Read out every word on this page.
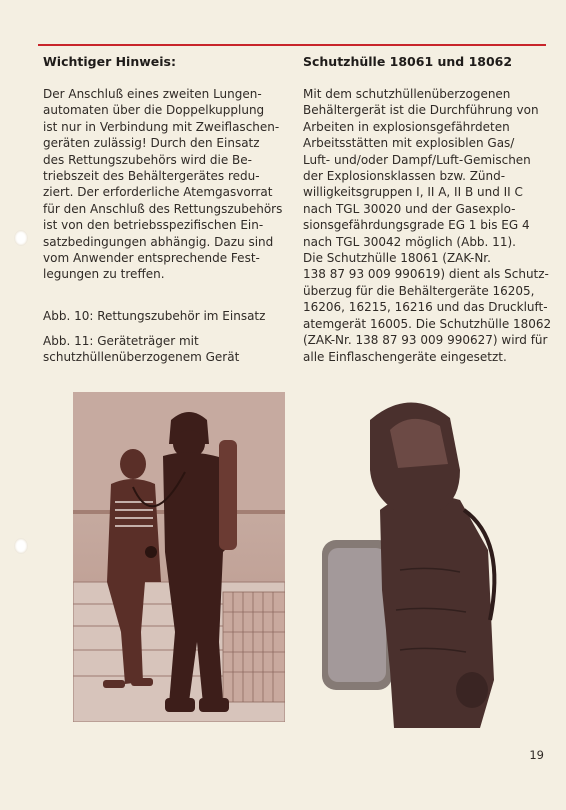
Wichtiger Hinweis:
Der Anschluß eines zweiten Lungen-
automaten über die Doppelkupplung
ist nur in Verbindung mit Zweiflaschen-
geräten zulässig! Durch den Einsatz
des Rettungszubehörs wird die Be-
triebszeit des Behältergerätes redu-
ziert. Der erforderliche Atemgasvorrat
für den Anschluß des Rettungszubehörs
ist von den betriebsspezifischen Ein-
satzbedingungen abhängig. Dazu sind
vom Anwender entsprechende Fest-
legungen zu treffen.
Abb. 10: Rettungszubehör im Einsatz
Abb. 11: Geräteträger mit
schutzhüllenüberzogenem Gerät
Schutzhülle 18061 und 18062
Mit dem schutzhüllenüberzogenen
Behältergerät ist die Durchführung von
Arbeiten in explosionsgefährdeten
Arbeitsstätten mit explosiblen Gas/
Luft- und/oder Dampf/Luft-Gemischen
der Explosionsklassen bzw. Zünd-
willigkeitsgruppen I, II A, II B und II C
nach TGL 30020 und der Gasexplo-
sionsgefährdungsgrade EG 1 bis EG 4
nach TGL 30042 möglich (Abb. 11).
Die Schutzhülle 18061 (ZAK-Nr.
138 87 93 009 990619) dient als Schutz-
überzug für die Behältergeräte 16205,
16206, 16215, 16216 und das Druckluft-
atemgerät 16005. Die Schutzhülle 18062
(ZAK-Nr. 138 87 93 009 990627) wird für
alle Einflaschengeräte eingesetzt.
19
